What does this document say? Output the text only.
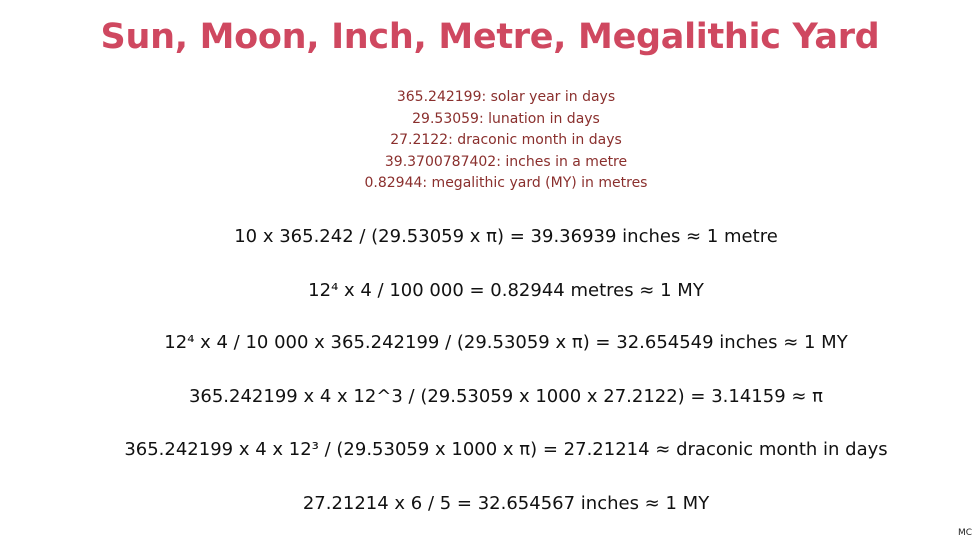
Sun, Moon, Inch, Metre, Megalithic Yard
365.242199: solar year in days
29.53059: lunation in days
27.2122: draconic month in days
39.3700787402: inches in a metre
0.82944: megalithic yard (MY) in metres
10 x 365.242 / (29.53059 x π) = 39.36939 inches ≈ 1 metre
12⁴ x 4 / 100 000 = 0.82944 metres ≈ 1 MY
12⁴ x 4 / 10 000 x 365.242199 / (29.53059 x π) = 32.654549 inches ≈ 1 MY
365.242199 x 4 x 12^3 / (29.53059 x 1000 x 27.2122) = 3.14159 ≈ π
365.242199 x 4 x 12³ / (29.53059 x 1000 x π) = 27.21214 ≈ draconic month in days
27.21214 x 6 / 5 = 32.654567 inches ≈ 1 MY
MC
